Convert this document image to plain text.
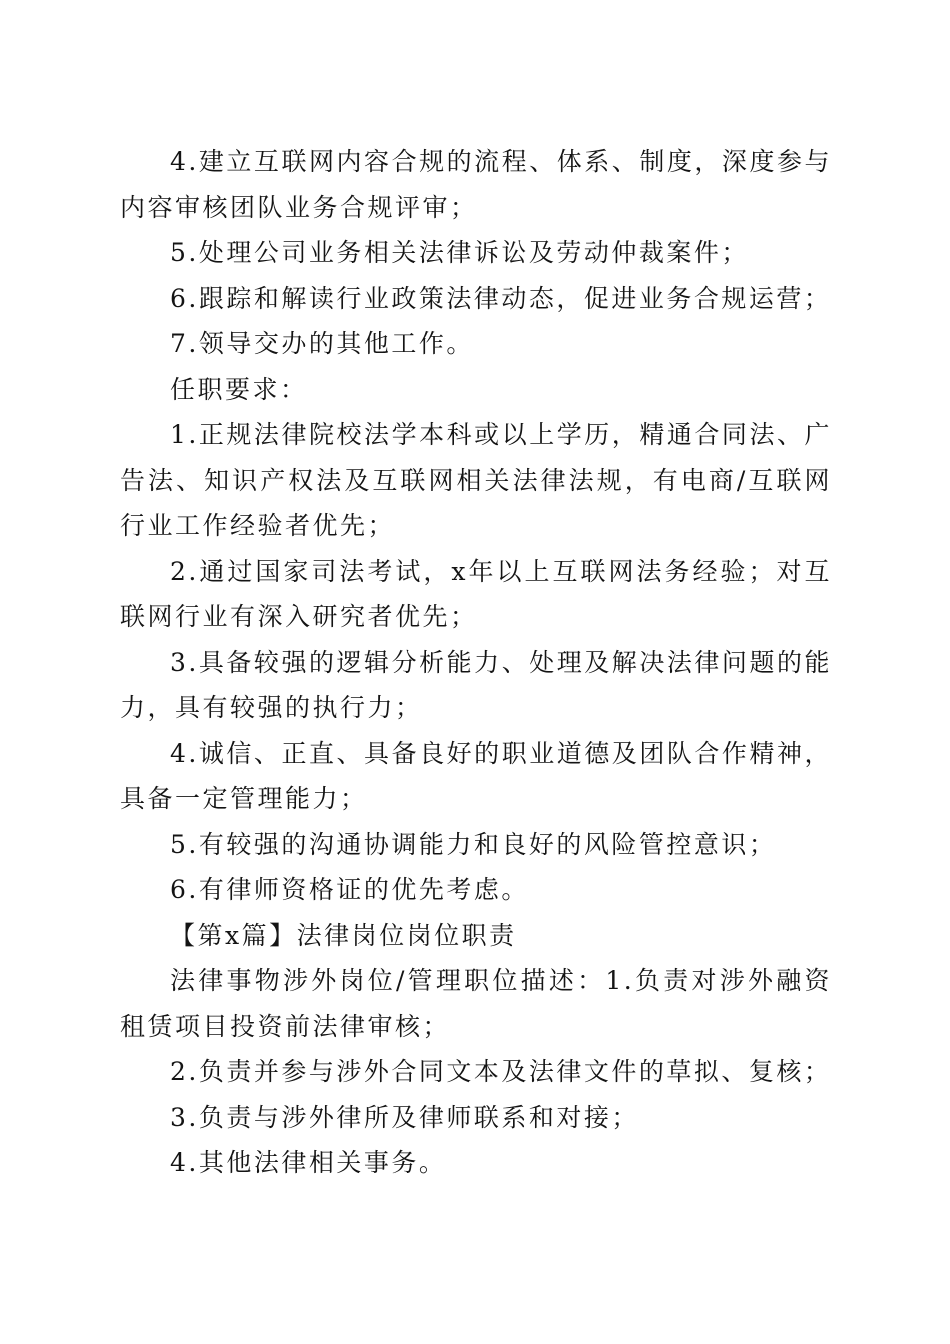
4.建立互联网内容合规的流程、体系、制度，深度参与内容审核团队业务合规评审；

5.处理公司业务相关法律诉讼及劳动仲裁案件；

6.跟踪和解读行业政策法律动态，促进业务合规运营；

7.领导交办的其他工作。

任职要求：

1.正规法律院校法学本科或以上学历，精通合同法、广告法、知识产权法及互联网相关法律法规，有电商/互联网行业工作经验者优先；

2.通过国家司法考试，x年以上互联网法务经验；对互联网行业有深入研究者优先；

3.具备较强的逻辑分析能力、处理及解决法律问题的能力，具有较强的执行力；

4.诚信、正直、具备良好的职业道德及团队合作精神，具备一定管理能力；

5.有较强的沟通协调能力和良好的风险管控意识；

6.有律师资格证的优先考虑。

【第x篇】法律岗位岗位职责

法律事物涉外岗位/管理职位描述：1.负责对涉外融资租赁项目投资前法律审核；

2.负责并参与涉外合同文本及法律文件的草拟、复核；

3.负责与涉外律所及律师联系和对接；

4.其他法律相关事务。
